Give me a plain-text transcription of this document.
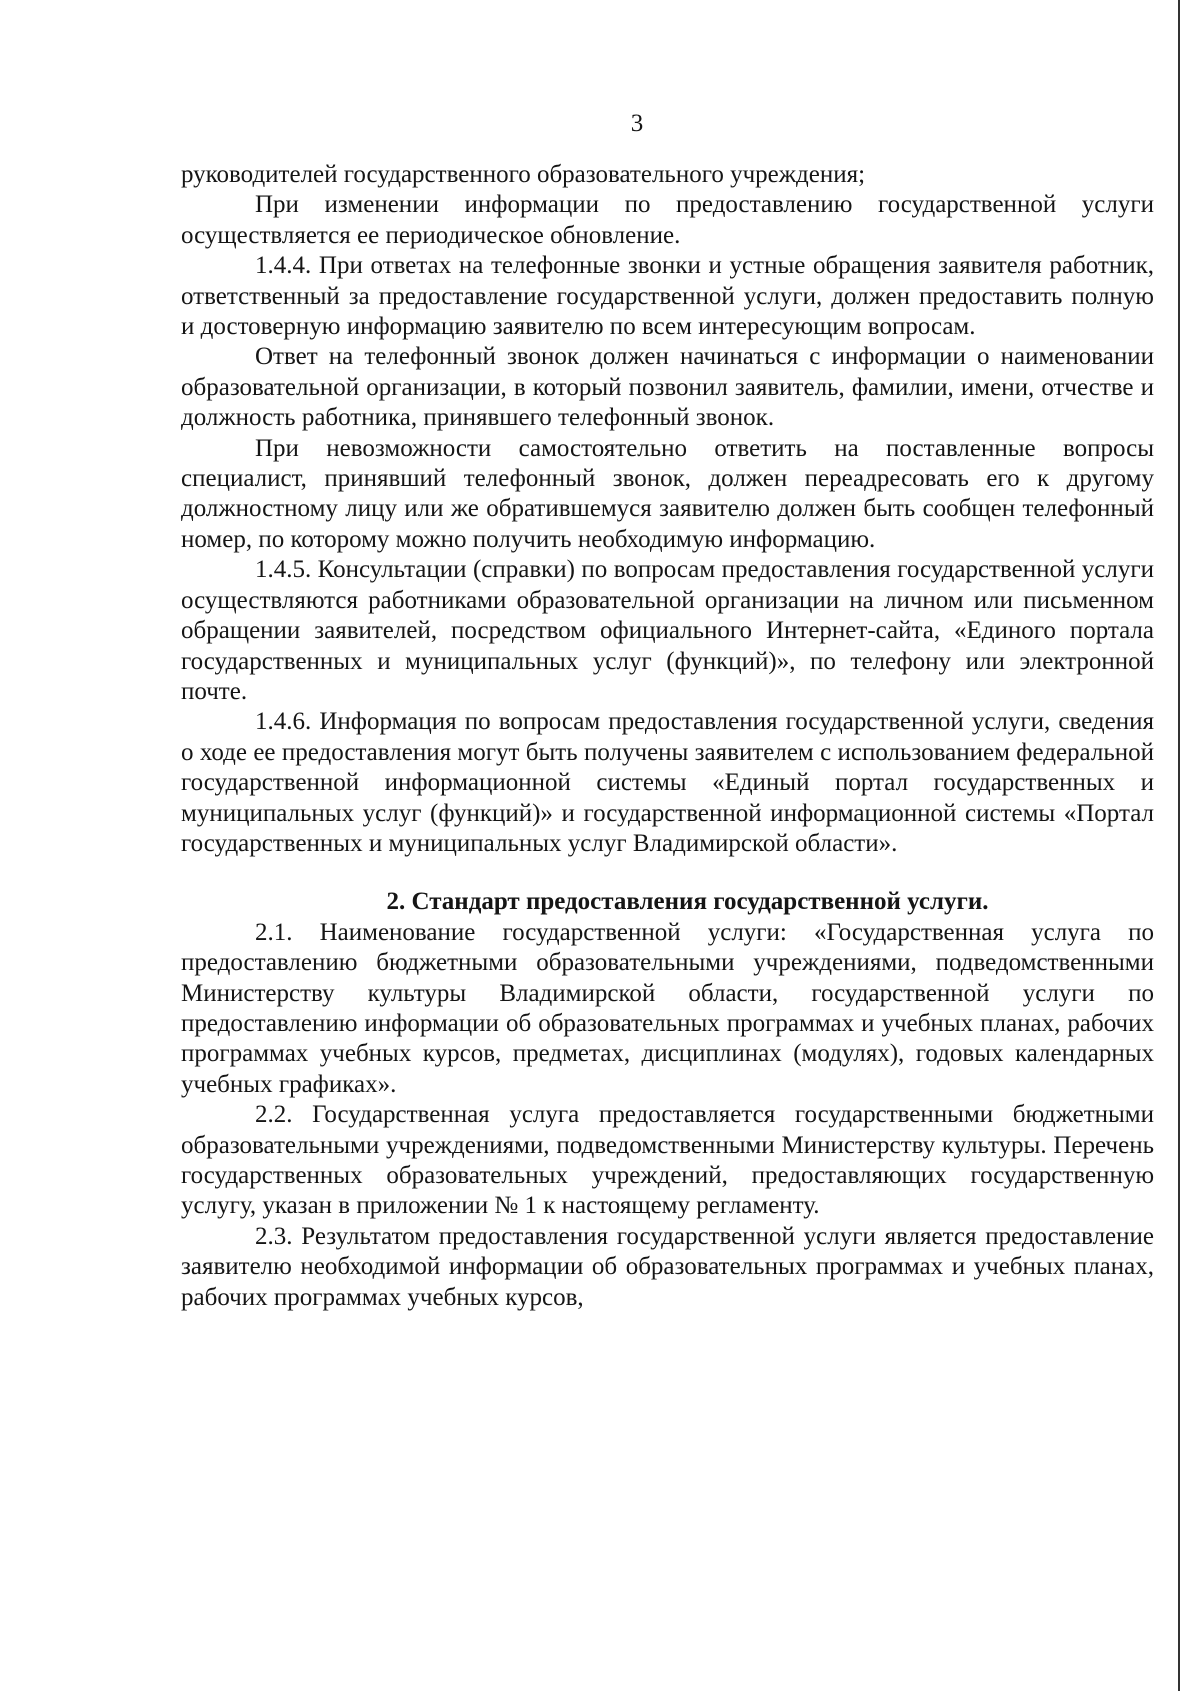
3

руководителей государственного образовательного учреждения;

При изменении информации по предоставлению государственной услуги осуществляется ее периодическое обновление.

1.4.4. При ответах на телефонные звонки и устные обращения заявителя работник, ответственный за предоставление государственной услуги, должен предоставить полную и достоверную информацию заявителю по всем интересующим вопросам.

Ответ на телефонный звонок должен начинаться с информации о наименовании образовательной организации, в который позвонил заявитель, фамилии, имени, отчестве и должность работника, принявшего телефонный звонок.

При невозможности самостоятельно ответить на поставленные вопросы специалист, принявший телефонный звонок, должен переадресовать его к другому должностному лицу или же обратившемуся заявителю должен быть сообщен телефонный номер, по которому можно получить необходимую информацию.

1.4.5. Консультации (справки) по вопросам предоставления государственной услуги осуществляются работниками образовательной организации на личном или письменном обращении заявителей, посредством официального Интернет-сайта, «Единого портала государственных и муниципальных услуг (функций)», по телефону или электронной почте.

1.4.6. Информация по вопросам предоставления государственной услуги, сведения о ходе ее предоставления могут быть получены заявителем с использованием федеральной государственной информационной системы «Единый портал государственных и муниципальных услуг (функций)» и государственной информационной системы «Портал государственных и муниципальных услуг Владимирской области».

2. Стандарт предоставления государственной услуги.

2.1. Наименование государственной услуги: «Государственная услуга по предоставлению бюджетными образовательными учреждениями, подведомственными Министерству культуры Владимирской области, государственной услуги по предоставлению информации об образовательных программах и учебных планах, рабочих программах учебных курсов, предметах, дисциплинах (модулях), годовых календарных учебных графиках».

2.2. Государственная услуга предоставляется государственными бюджетными образовательными учреждениями, подведомственными Министерству культуры. Перечень государственных образовательных учреждений, предоставляющих государственную услугу, указан в приложении № 1 к настоящему регламенту.

2.3. Результатом предоставления государственной услуги является предоставление заявителю необходимой информации об образовательных программах и учебных планах, рабочих программах учебных курсов,
